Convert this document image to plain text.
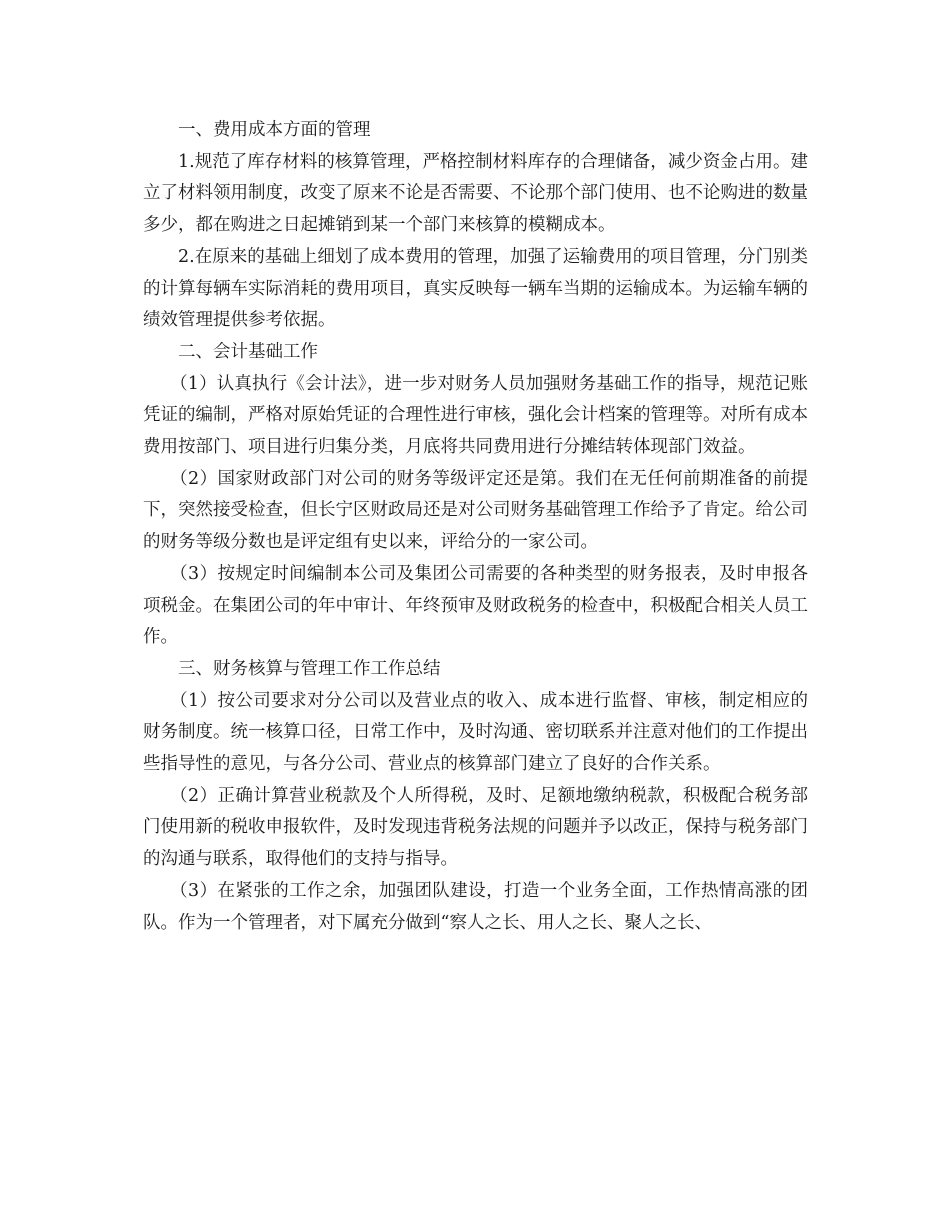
一、费用成本方面的管理

1.规范了库存材料的核算管理，严格控制材料库存的合理储备，减少资金占用。建立了材料领用制度，改变了原来不论是否需要、不论那个部门使用、也不论购进的数量多少，都在购进之日起摊销到某一个部门来核算的模糊成本。

2.在原来的基础上细划了成本费用的管理，加强了运输费用的项目管理，分门别类的计算每辆车实际消耗的费用项目，真实反映每一辆车当期的运输成本。为运输车辆的绩效管理提供参考依据。

二、会计基础工作

（1）认真执行《会计法》，进一步对财务人员加强财务基础工作的指导，规范记账凭证的编制，严格对原始凭证的合理性进行审核，强化会计档案的管理等。对所有成本费用按部门、项目进行归集分类，月底将共同费用进行分摊结转体现部门效益。

（2）国家财政部门对公司的财务等级评定还是第。我们在无任何前期准备的前提下，突然接受检查，但长宁区财政局还是对公司财务基础管理工作给予了肯定。给公司的财务等级分数也是评定组有史以来，评给分的一家公司。

（3）按规定时间编制本公司及集团公司需要的各种类型的财务报表，及时申报各项税金。在集团公司的年中审计、年终预审及财政税务的检查中，积极配合相关人员工作。

三、财务核算与管理工作工作总结

（1）按公司要求对分公司以及营业点的收入、成本进行监督、审核，制定相应的财务制度。统一核算口径，日常工作中，及时沟通、密切联系并注意对他们的工作提出些指导性的意见，与各分公司、营业点的核算部门建立了良好的合作关系。

（2）正确计算营业税款及个人所得税，及时、足额地缴纳税款，积极配合税务部门使用新的税收申报软件，及时发现违背税务法规的问题并予以改正，保持与税务部门的沟通与联系，取得他们的支持与指导。

（3）在紧张的工作之余，加强团队建设，打造一个业务全面，工作热情高涨的团队。作为一个管理者，对下属充分做到“察人之长、用人之长、聚人之长、
